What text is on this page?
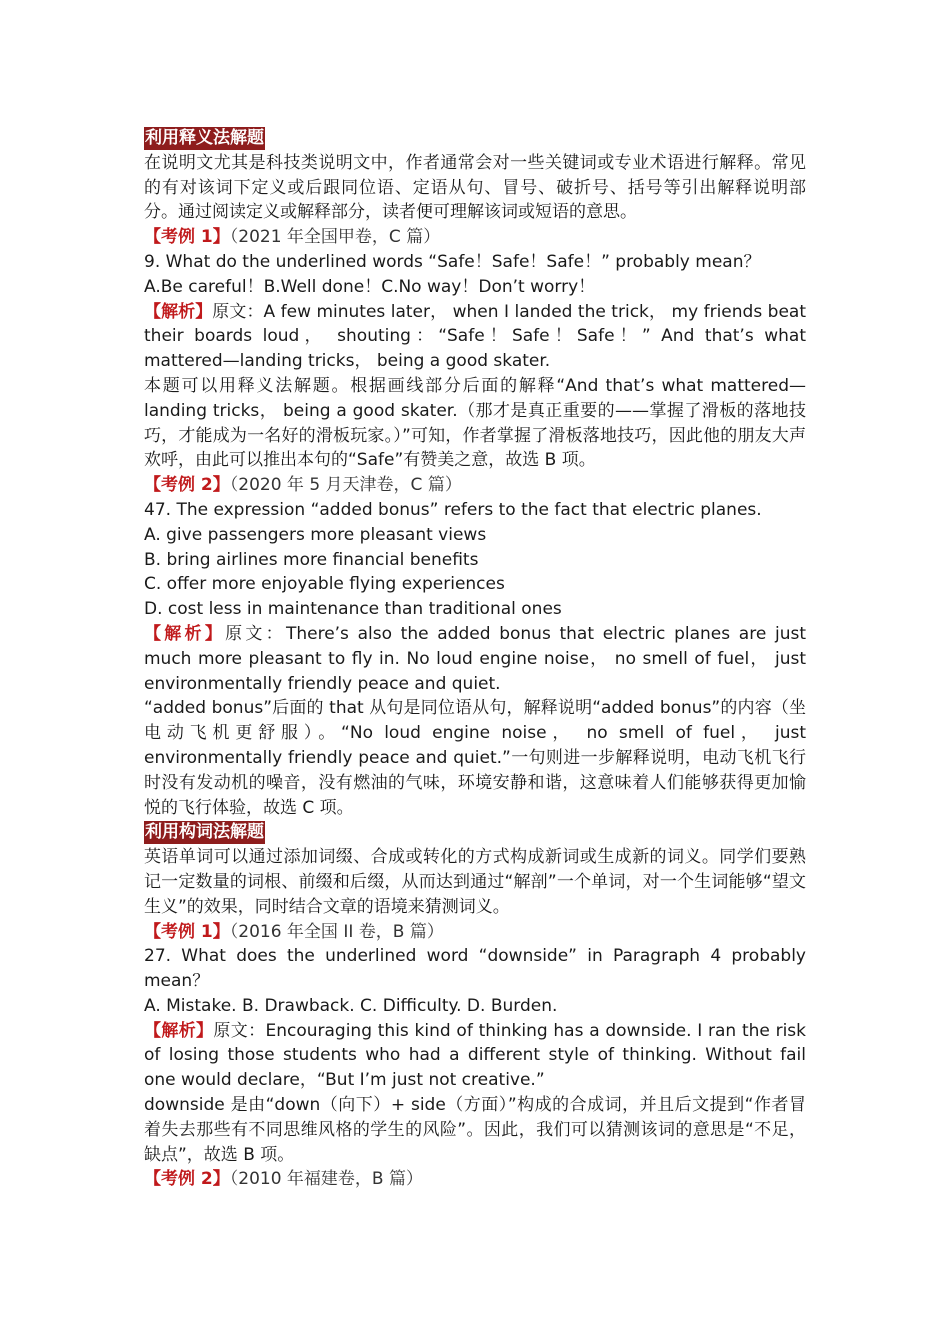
利用释义法解题

在说明文尤其是科技类说明文中，作者通常会对一些关键词或专业术语进行解释。常见的有对该词下定义或后跟同位语、定语从句、冒号、破折号、括号等引出解释说明部分。通过阅读定义或解释部分，读者便可理解该词或短语的意思。

【考例 1】（2021 年全国甲卷，C 篇）

9. What do the underlined words “Safe！Safe！Safe！” probably mean？

A.Be careful！B.Well done！C.No way！Don’t worry！

【解析】原文：A few minutes later， when I landed the trick， my friends beat their boards loud， shouting：“Safe！Safe！Safe！” And that’s what mattered—landing tricks， being a good skater.

本题可以用释义法解题。根据画线部分后面的解释“And that’s what mattered—landing tricks， being a good skater.（那才是真正重要的——掌握了滑板的落地技巧，才能成为一名好的滑板玩家。）”可知，作者掌握了滑板落地技巧，因此他的朋友大声欢呼，由此可以推出本句的“Safe”有赞美之意，故选 B 项。

【考例 2】（2020 年 5 月天津卷，C 篇）

47. The expression “added bonus” refers to the fact that electric planes.

A. give passengers more pleasant views

B. bring airlines more financial benefits

C. offer more enjoyable flying experiences

D. cost less in maintenance than traditional ones

【解析】原文：There’s also the added bonus that electric planes are just much more pleasant to fly in. No loud engine noise， no smell of fuel， just environmentally friendly peace and quiet.

“added bonus”后面的 that 从句是同位语从句，解释说明“added bonus”的内容（坐电动飞机更舒服）。“No loud engine noise， no smell of fuel， just environmentally friendly peace and quiet.”一句则进一步解释说明，电动飞机飞行时没有发动机的噪音，没有燃油的气味，环境安静和谐，这意味着人们能够获得更加愉悦的飞行体验，故选 C 项。

利用构词法解题

英语单词可以通过添加词缀、合成或转化的方式构成新词或生成新的词义。同学们要熟记一定数量的词根、前缀和后缀，从而达到通过“解剖”一个单词，对一个生词能够“望文生义”的效果，同时结合文章的语境来猜测词义。

【考例 1】（2016 年全国 II 卷，B 篇）

27. What does the underlined word “downside” in Paragraph 4 probably mean？

A. Mistake. B. Drawback. C. Difficulty. D. Burden.

【解析】原文：Encouraging this kind of thinking has a downside. I ran the risk of losing those students who had a different style of thinking. Without fail one would declare，“But I’m just not creative.”

downside 是由“down（向下）+ side（方面）”构成的合成词，并且后文提到“作者冒着失去那些有不同思维风格的学生的风险”。因此，我们可以猜测该词的意思是“不足，缺点”，故选 B 项。

【考例 2】（2010 年福建卷，B 篇）
